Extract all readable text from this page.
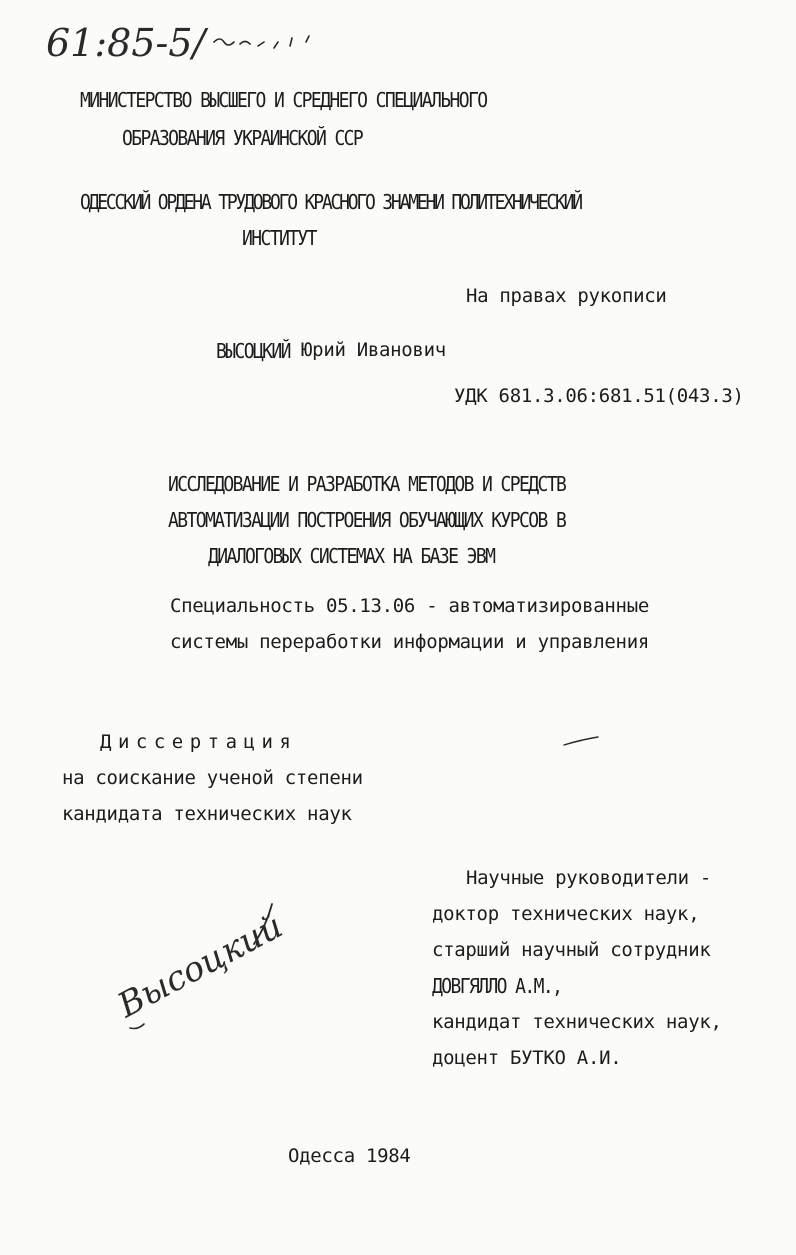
61:85-5/
МИНИСТЕРСТВО ВЫСШЕГО И СРЕДНЕГО СПЕЦИАЛЬНОГО
ОБРАЗОВАНИЯ УКРАИНСКОЙ ССР
ОДЕССКИЙ ОРДЕНА ТРУДОВОГО КРАСНОГО ЗНАМЕНИ ПОЛИТЕХНИЧЕСКИЙ
ИНСТИТУТ
На правах рукописи
ВЫСОЦКИЙ Юрий Иванович
УДК 681.3.06:681.51(043.3)
ИССЛЕДОВАНИЕ И РАЗРАБОТКА МЕТОДОВ И СРЕДСТВ
АВТОМАТИЗАЦИИ ПОСТРОЕНИЯ ОБУЧАЮЩИХ КУРСОВ В
ДИАЛОГОВЫХ СИСТЕМАХ НА БАЗЕ ЭВМ
Специальность 05.13.06 - автоматизированные
системы переработки информации и управления
Диссертация
на соискание ученой степени
кандидата технических наук
Научные руководители -
доктор технических наук,
старший научный сотрудник
ДОВГЯЛЛО А.М.,
кандидат технических наук,
доцент БУТКО А.И.
Высоцкий
Одесса 1984
